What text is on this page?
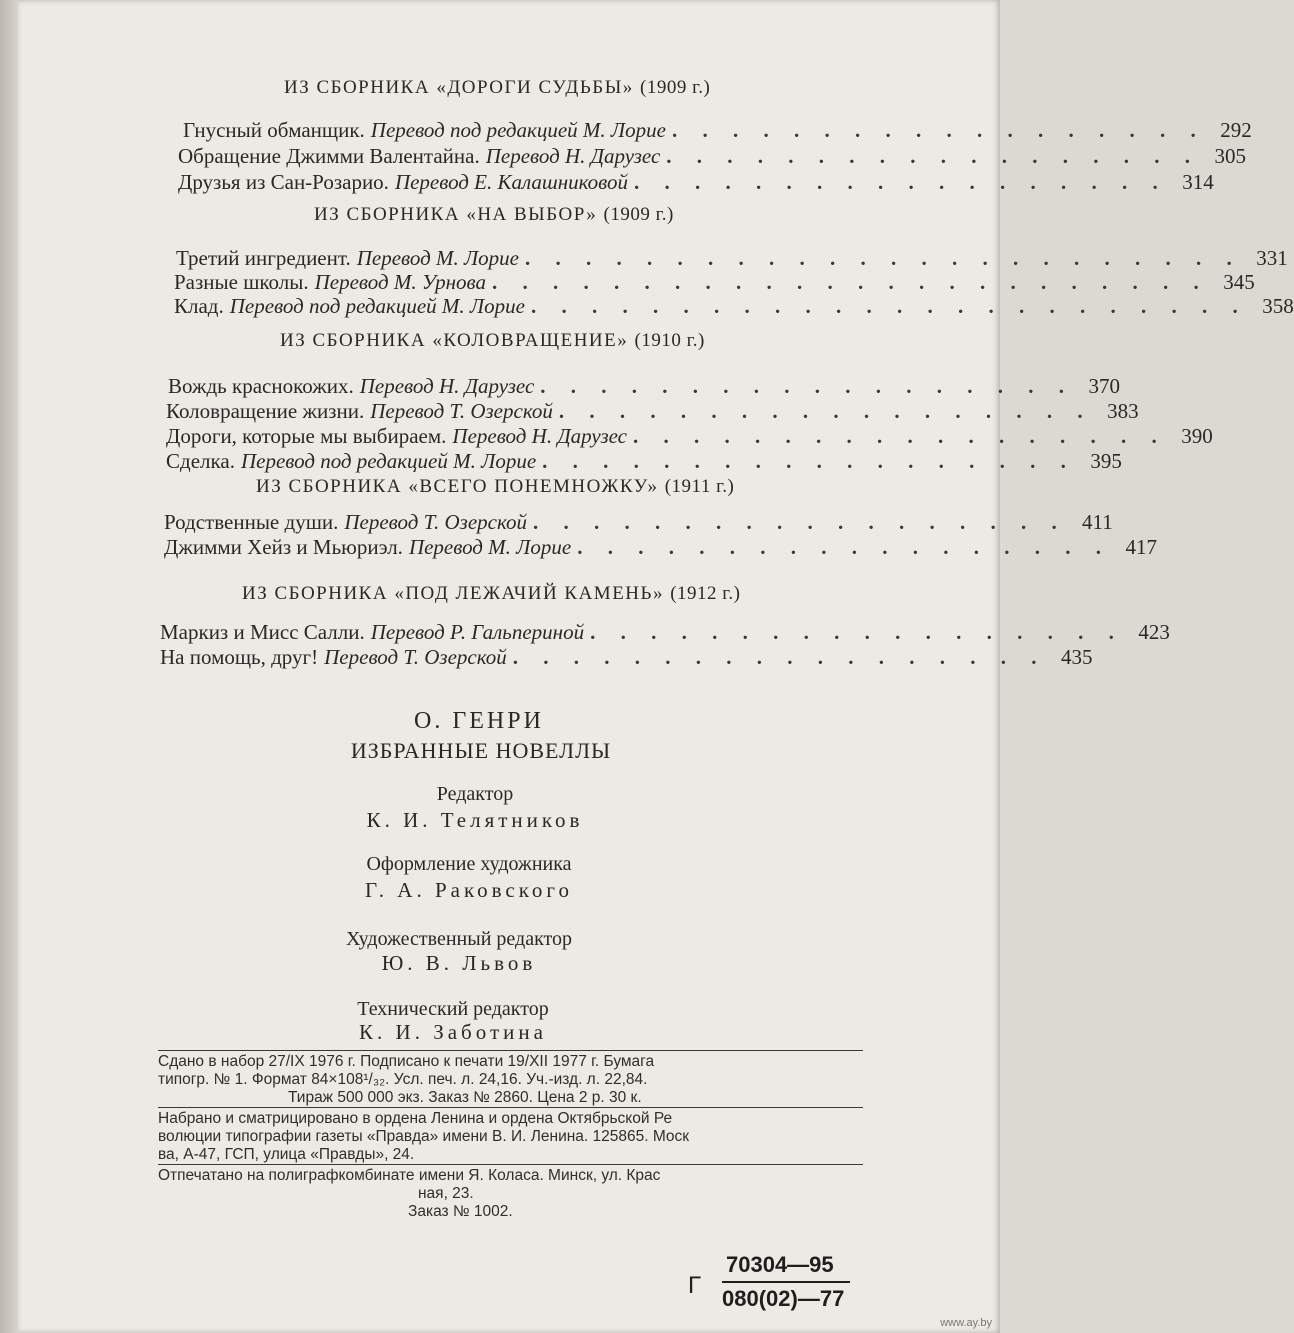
ИЗ СБОРНИКА «ДОРОГИ СУДЬБЫ» (1909 г.)
Гнусный обманщик. Перевод под редакцией М. Лорие . . . . . . . . . . . . . . . . . . 292
Обращение Джимми Валентайна. Перевод Н. Дарузес . . . . . . . . . . . . . . . . . . 305
Друзья из Сан-Розарио. Перевод Е. Калашниковой . . . . . . . . . . . . . . . . . . 314
ИЗ СБОРНИКА «НА ВЫБОР» (1909 г.)
Третий ингредиент. Перевод М. Лорие . . . . . . . . . . . . . . . . . . . . . . . . 331
Разные школы. Перевод М. Урнова . . . . . . . . . . . . . . . . . . . . . . . . 345
Клад. Перевод под редакцией М. Лорие . . . . . . . . . . . . . . . . . . . . . . . . 358
ИЗ СБОРНИКА «КОЛОВРАЩЕНИЕ» (1910 г.)
Вождь краснокожих. Перевод Н. Дарузес . . . . . . . . . . . . . . . . . . 370
Коловращение жизни. Перевод Т. Озерской . . . . . . . . . . . . . . . . . . 383
Дороги, которые мы выбираем. Перевод Н. Дарузес . . . . . . . . . . . . . . . . . . 390
Сделка. Перевод под редакцией М. Лорие . . . . . . . . . . . . . . . . . . 395
ИЗ СБОРНИКА «ВСЕГО ПОНЕМНОЖКУ» (1911 г.)
Родственные души. Перевод Т. Озерской . . . . . . . . . . . . . . . . . . 411
Джимми Хейз и Мьюриэл. Перевод М. Лорие . . . . . . . . . . . . . . . . . . 417
ИЗ СБОРНИКА «ПОД ЛЕЖАЧИЙ КАМЕНЬ» (1912 г.)
Маркиз и Мисс Салли. Перевод Р. Гальпериной . . . . . . . . . . . . . . . . . . 423
На помощь, друг! Перевод Т. Озерской . . . . . . . . . . . . . . . . . . 435
О. ГЕНРИ
ИЗБРАННЫЕ НОВЕЛЛЫ
Редактор
К. И. Телятников
Оформление художника
Г. А. Раковского
Художественный редактор
Ю. В. Львов
Технический редактор
К. И. Заботина
Сдано в набор 27/IX 1976 г. Подписано к печати 19/XII 1977 г. Бумага
типогр. № 1. Формат 84×108¹/₃₂. Усл. печ. л. 24,16. Уч.-изд. л. 22,84.
Тираж 500 000 экз. Заказ № 2860. Цена 2 р. 30 к.
Набрано и сматрицировано в ордена Ленина и ордена Октябрьской Ре
волюции типографии газеты «Правда» имени В. И. Ленина. 125865. Моск
ва, А-47, ГСП, улица «Правды», 24.
Отпечатано на полиграфкомбинате имени Я. Коласа. Минск, ул. Крас
ная, 23.
Заказ № 1002.
Г
70304—95
080(02)—77
www.ay.by
